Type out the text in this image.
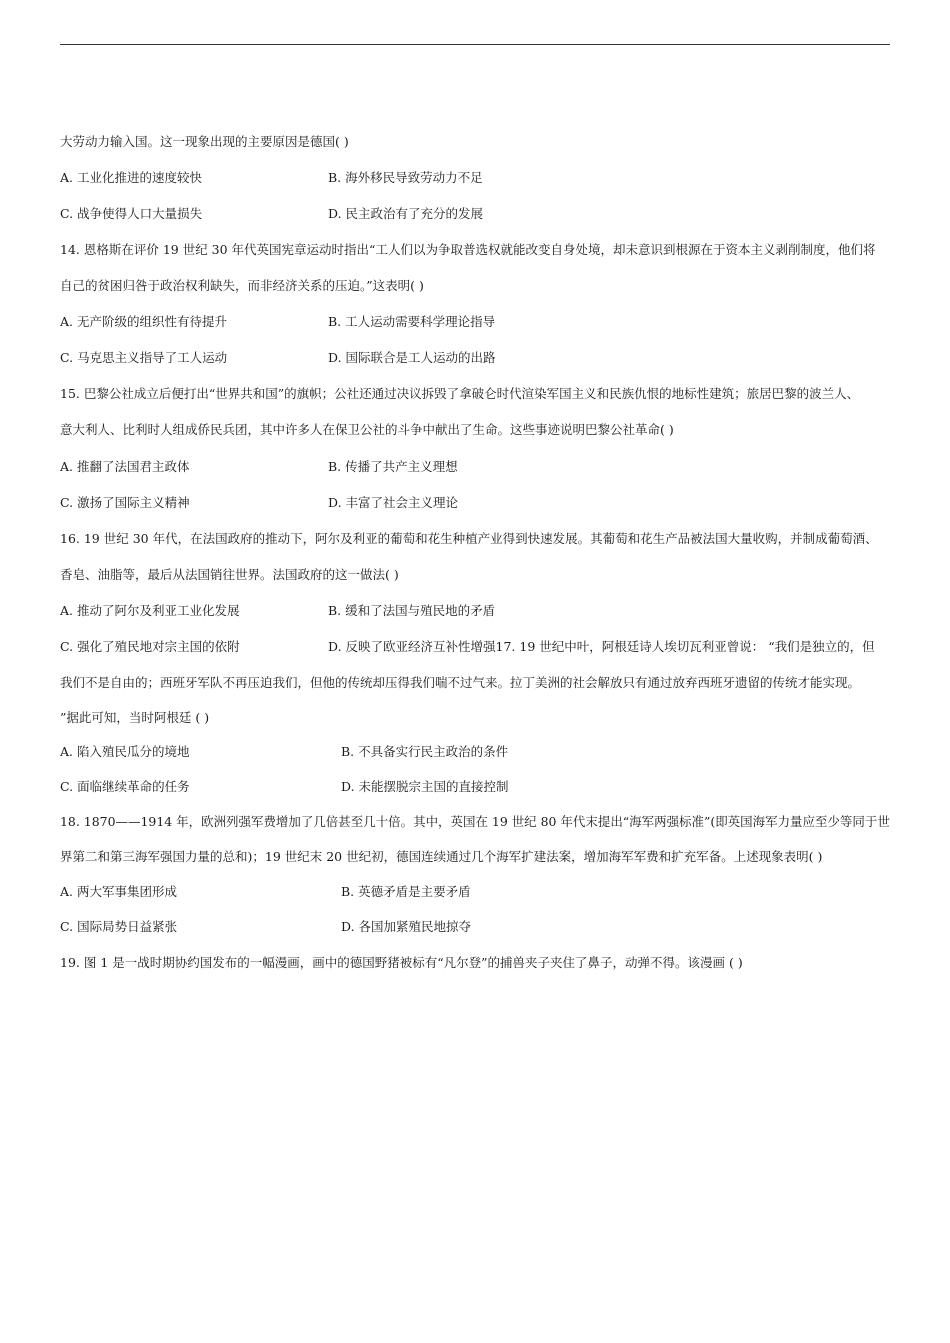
大劳动力输入国。这一现象出现的主要原因是德国( )
A. 工业化推进的速度较快	B. 海外移民导致劳动力不足
C. 战争使得人口大量损失	D. 民主政治有了充分的发展
14. 恩格斯在评价 19 世纪 30 年代英国宪章运动时指出“工人们以为争取普选权就能改变自身处境，却未意识到根源在于资本主义剥削制度，他们将
自己的贫困归咎于政治权利缺失，而非经济关系的压迫。”这表明( )
A. 无产阶级的组织性有待提升	B. 工人运动需要科学理论指导
C. 马克思主义指导了工人运动	D. 国际联合是工人运动的出路
15. 巴黎公社成立后便打出“世界共和国”的旗帜；公社还通过决议拆毁了拿破仑时代渲染军国主义和民族仇恨的地标性建筑；旅居巴黎的波兰人、
意大利人、比利时人组成侨民兵团，其中许多人在保卫公社的斗争中献出了生命。这些事迹说明巴黎公社革命( )
A. 推翻了法国君主政体	B. 传播了共产主义理想
C. 激扬了国际主义精神	D. 丰富了社会主义理论
16. 19 世纪 30 年代，在法国政府的推动下，阿尔及利亚的葡萄和花生种植产业得到快速发展。其葡萄和花生产品被法国大量收购，并制成葡萄酒、
香皂、油脂等，最后从法国销往世界。法国政府的这一做法( )
A. 推动了阿尔及利亚工业化发展	B. 缓和了法国与殖民地的矛盾
C. 强化了殖民地对宗主国的依附	D. 反映了欧亚经济互补性增强17. 19 世纪中叶，阿根廷诗人埃切瓦利亚曾说： “我们是独立的，但
我们不是自由的；西班牙军队不再压迫我们，但他的传统却压得我们喘不过气来。拉丁美洲的社会解放只有通过放弃西班牙遗留的传统才能实现。
”据此可知，当时阿根廷 ( )
A. 陷入殖民瓜分的境地	B. 不具备实行民主政治的条件
C. 面临继续革命的任务	D. 未能摆脱宗主国的直接控制
18. 1870——1914 年，欧洲列强军费增加了几倍甚至几十倍。其中，英国在 19 世纪 80 年代末提出“海军两强标准”(即英国海军力量应至少等同于世
界第二和第三海军强国力量的总和)；19 世纪末 20 世纪初，德国连续通过几个海军扩建法案，增加海军军费和扩充军备。上述现象表明( )
A. 两大军事集团形成	B. 英德矛盾是主要矛盾
C. 国际局势日益紧张	D. 各国加紧殖民地掠夺
19. 图 1 是一战时期协约国发布的一幅漫画，画中的德国野猪被标有“凡尔登”的捕兽夹子夹住了鼻子，动弹不得。该漫画 ( )
